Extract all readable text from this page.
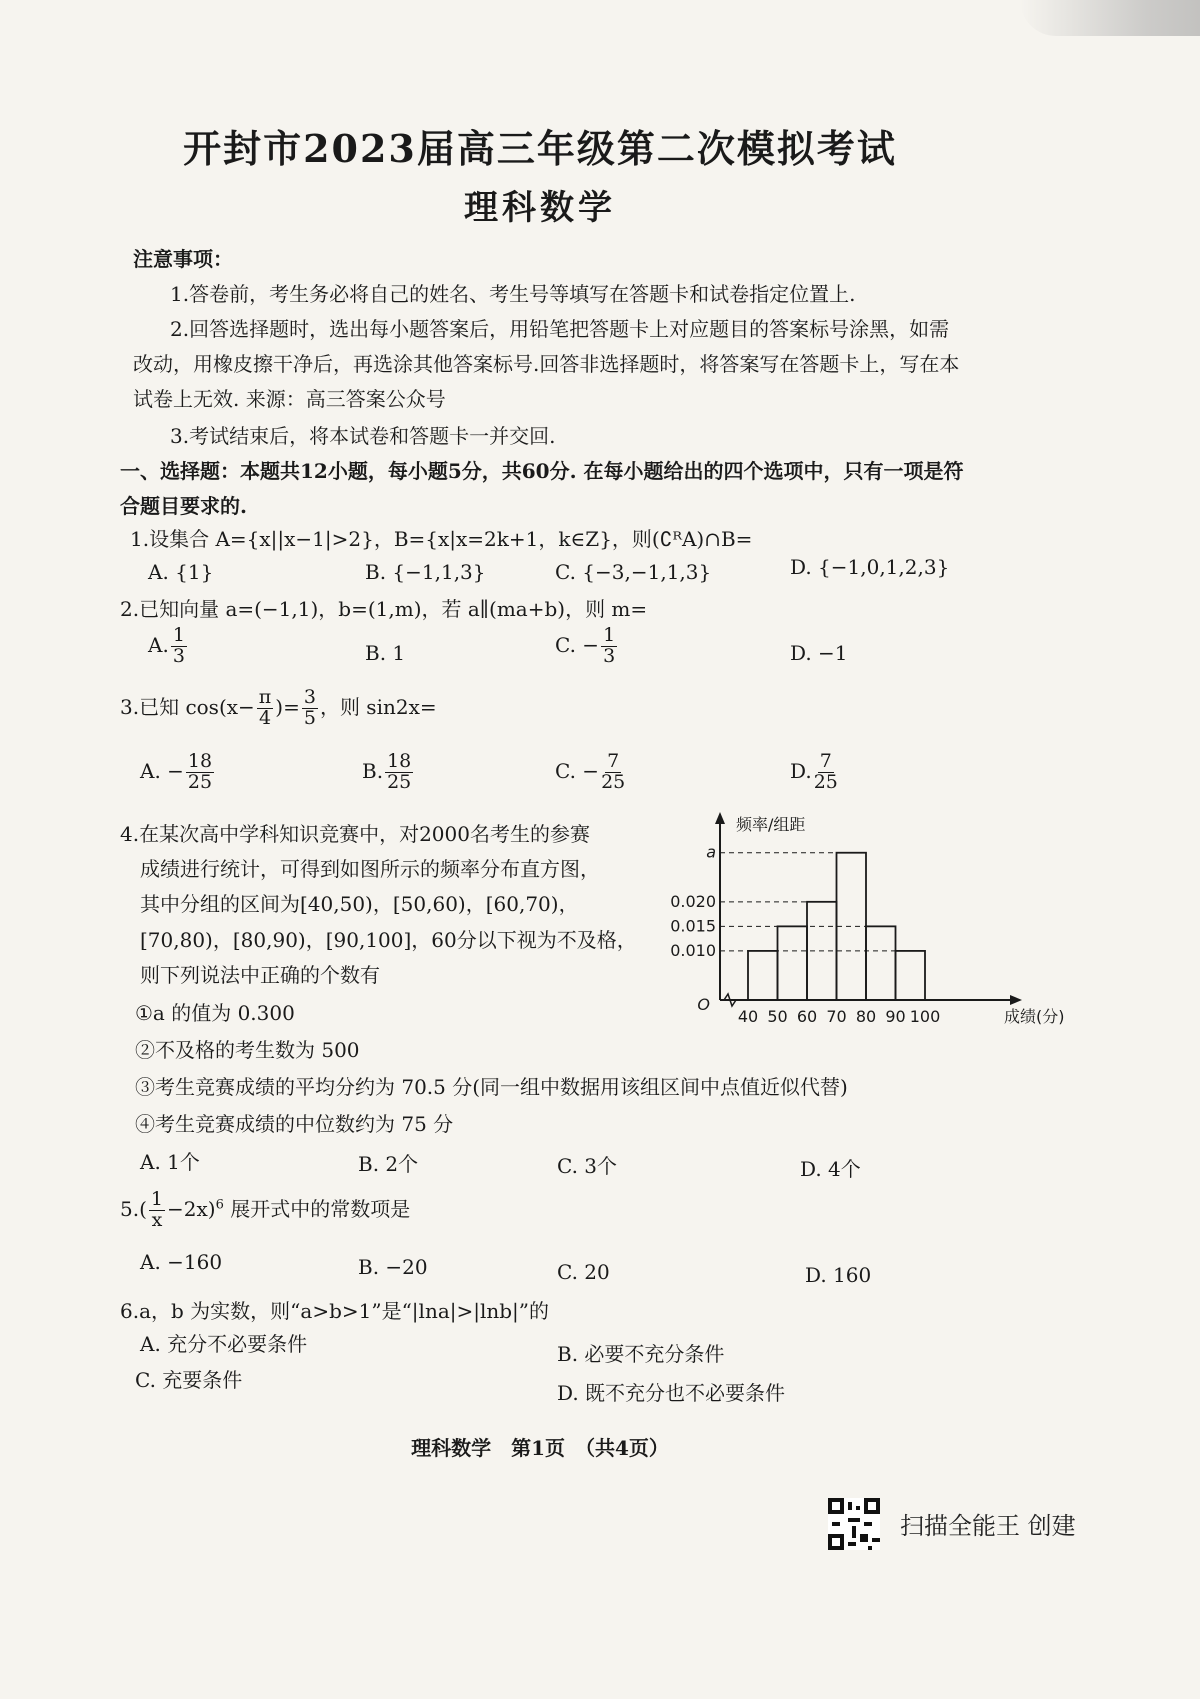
开封市2023届高三年级第二次模拟考试
理科数学
注意事项：
1.答卷前，考生务必将自己的姓名、考生号等填写在答题卡和试卷指定位置上.
2.回答选择题时，选出每小题答案后，用铅笔把答题卡上对应题目的答案标号涂黑，如需
改动，用橡皮擦干净后，再选涂其他答案标号.回答非选择题时，将答案写在答题卡上，写在本
试卷上无效. 来源：高三答案公众号
3.考试结束后，将本试卷和答题卡一并交回.
一、选择题：本题共12小题，每小题5分，共60分. 在每小题给出的四个选项中，只有一项是符
合题目要求的.
1.设集合 A={x||x−1|>2}，B={x|x=2k+1，k∈Z}，则(∁ᴿA)∩B=
A. {1}	B. {−1,1,3}	C. {−3,−1,1,3}	D. {−1,0,1,2,3}
2.已知向量 a=(−1,1)，b=(1,m)，若 a∥(ma+b)，则 m=
A. $\frac{1}{3}$	B. 1	C. − $\frac{1}{3}$	D. −1
3.已知 $\cos(x- \frac{\pi}{4}$ )= $\frac{3}{5}$ ，则 sin2x=
A. − $\frac{18}{25}$	B. $\frac{18}{25}$	C. − $\frac{7}{25}$	D. $\frac{7}{25}$
4.在某次高中学科知识竞赛中，对2000名考生的参赛
成绩进行统计，可得到如图所示的频率分布直方图，
其中分组的区间为[40,50)，[50,60)，[60,70)，
[70,80)，[80,90)，[90,100]，60分以下视为不及格，
则下列说法中正确的个数有
①a 的值为 0.300
②不及格的考生数为 500
③考生竞赛成绩的平均分约为 70.5 分(同一组中数据用该组区间中点值近似代替)
④考生竞赛成绩的中位数约为 75 分
A. 1个	B. 2个	C. 3个	D. 4个
0.010
0.015
0.020
a
40 50 60 70 80 90 100
O
频率/组距
成绩(分)
$5.( \frac{1}{x} -2x)^6$ 展开式中的常数项是
A. −160	B. −20	C. 20	D. 160
6.a，b 为实数，则“a>b>1”是“|lna|>|lnb|”的
A. 充分不必要条件	B. 必要不充分条件
C. 充要条件
D. 既不充分也不必要条件
理科数学　第1页　（共4页）
扫描全能王 创建
